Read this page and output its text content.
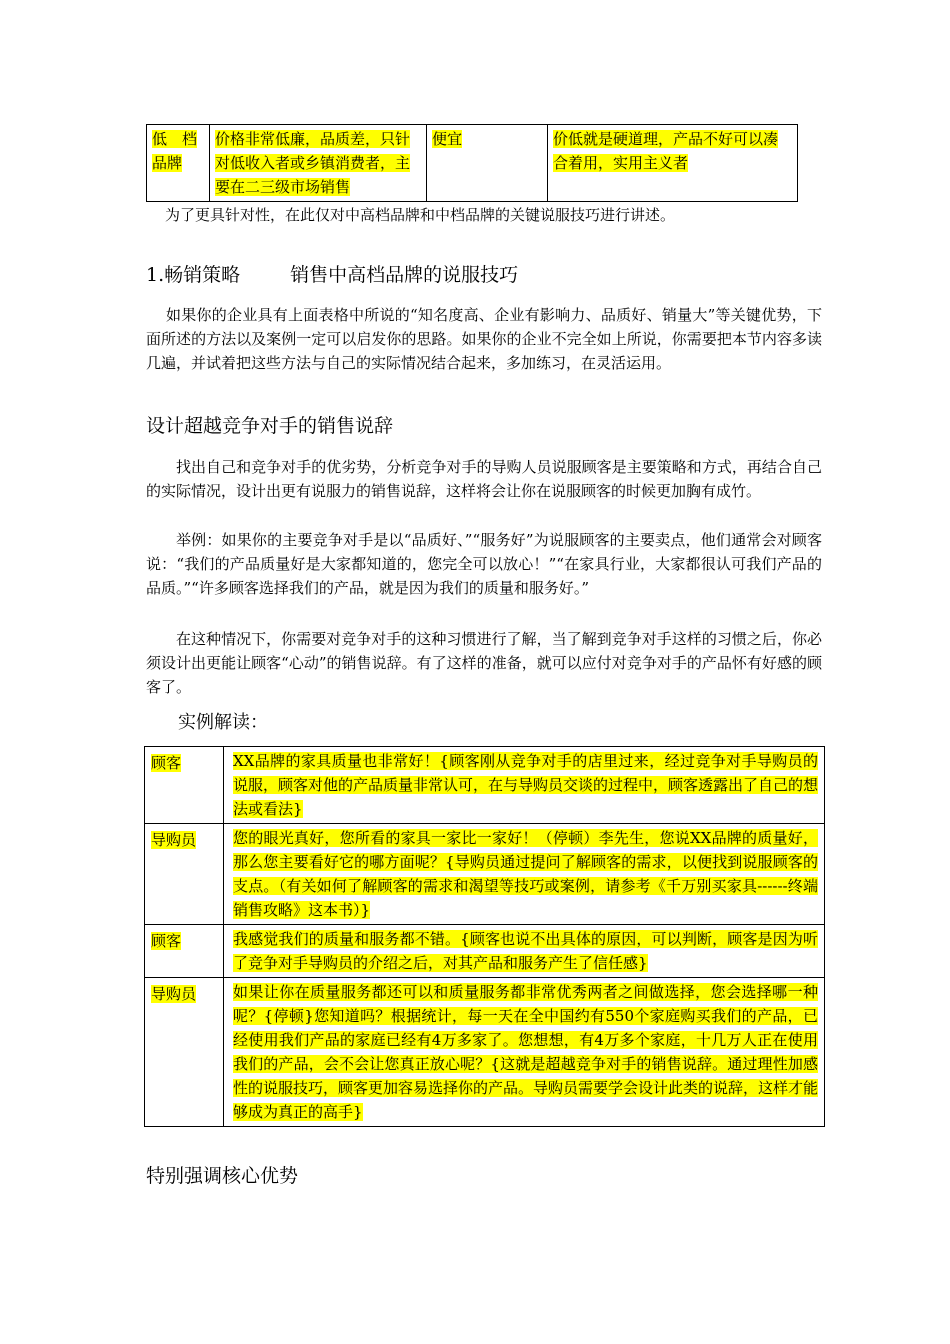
低　档品牌	价格非常低廉，品质差，只针对低收入者或乡镇消费者，主要在二三级市场销售	便宜	价低就是硬道理，产品不好可以凑合着用，实用主义者
为了更具针对性，在此仅对中高档品牌和中档品牌的关键说服技巧进行讲述。
1.畅销策略	销售中高档品牌的说服技巧
如果你的企业具有上面表格中所说的“知名度高、企业有影响力、品质好、销量大”等关键优势，下面所述的方法以及案例一定可以启发你的思路。如果你的企业不完全如上所说，你需要把本节内容多读几遍，并试着把这些方法与自己的实际情况结合起来，多加练习，在灵活运用。
设计超越竞争对手的销售说辞
找出自己和竞争对手的优劣势，分析竞争对手的导购人员说服顾客是主要策略和方式，再结合自己的实际情况，设计出更有说服力的销售说辞，这样将会让你在说服顾客的时候更加胸有成竹。
举例：如果你的主要竞争对手是以“品质好、”“服务好”为说服顾客的主要卖点，他们通常会对顾客说：“我们的产品质量好是大家都知道的，您完全可以放心！”“在家具行业，大家都很认可我们产品的品质。”“许多顾客选择我们的产品，就是因为我们的质量和服务好。”
在这种情况下，你需要对竞争对手的这种习惯进行了解，当了解到竞争对手这样的习惯之后，你必须设计出更能让顾客“心动”的销售说辞。有了这样的准备，就可以应付对竞争对手的产品怀有好感的顾客了。
实例解读：
顾客	XX品牌的家具质量也非常好！{顾客刚从竞争对手的店里过来，经过竞争对手导购员的说服，顾客对他的产品质量非常认可，在与导购员交谈的过程中，顾客透露出了自己的想法或看法}
导购员	您的眼光真好，您所看的家具一家比一家好！（停顿）李先生，您说XX品牌的质量好，那么您主要看好它的哪方面呢？{导购员通过提问了解顾客的需求，以便找到说服顾客的支点。（有关如何了解顾客的需求和渴望等技巧或案例，请参考《千万别买家具------终端销售攻略》这本书）}
顾客	我感觉我们的质量和服务都不错。{顾客也说不出具体的原因，可以判断，顾客是因为听了竞争对手导购员的介绍之后，对其产品和服务产生了信任感}
导购员	如果让你在质量服务都还可以和质量服务都非常优秀两者之间做选择，您会选择哪一种呢？{停顿}您知道吗？根据统计，每一天在全中国约有550个家庭购买我们的产品，已经使用我们产品的家庭已经有4万多家了。您想想，有4万多个家庭，十几万人正在使用我们的产品，会不会让您真正放心呢？{这就是超越竞争对手的销售说辞。通过理性加感性的说服技巧，顾客更加容易选择你的产品。导购员需要学会设计此类的说辞，这样才能够成为真正的高手}
特别强调核心优势
